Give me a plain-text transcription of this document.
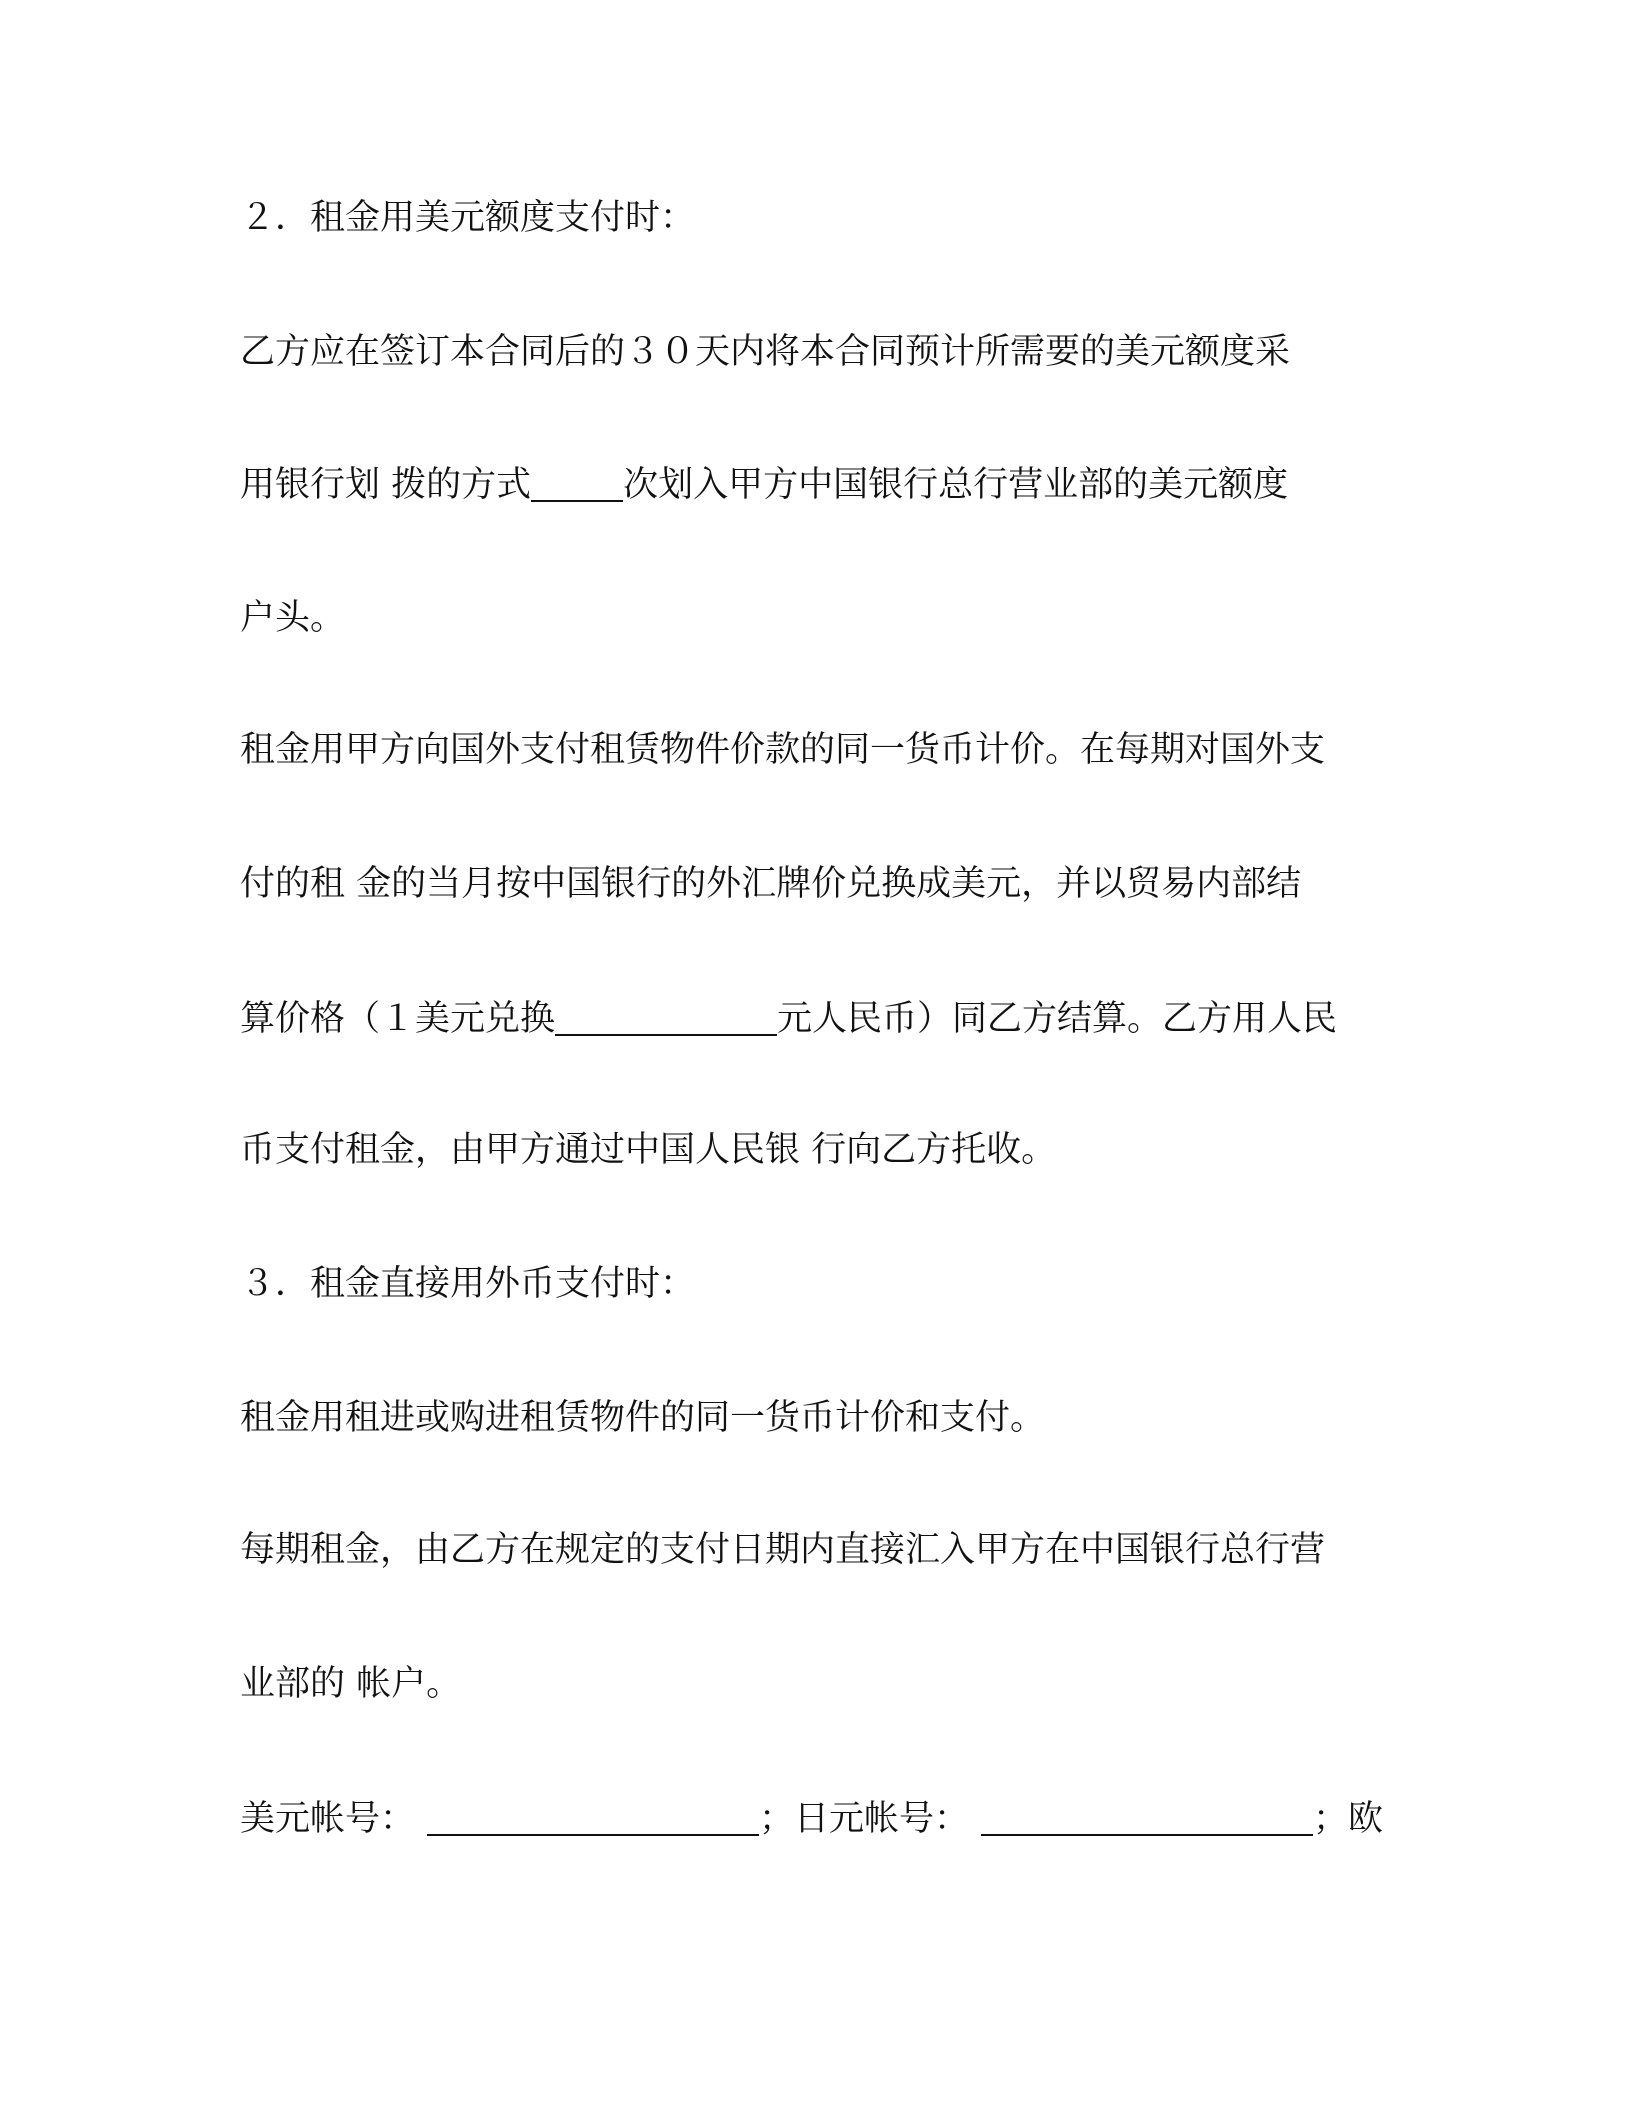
２．租金用美元额度支付时：
乙方应在签订本合同后的３０天内将本合同预计所需要的美元额度采
用银行划 拨的方式	次划入甲方中国银行总行营业部的美元额度
户头。
租金用甲方向国外支付租赁物件价款的同一货币计价。在每期对国外支
付的租 金的当月按中国银行的外汇牌价兑换成美元，并以贸易内部结
算价格（１美元兑换	元人民币）同乙方结算。乙方用人民
币支付租金，由甲方通过中国人民银 行向乙方托收。
３．租金直接用外币支付时：
租金用租进或购进租赁物件的同一货币计价和支付。
每期租金，由乙方在规定的支付日期内直接汇入甲方在中国银行总行营
业部的 帐户。
美元帐号：	；日元帐号：	；欧
